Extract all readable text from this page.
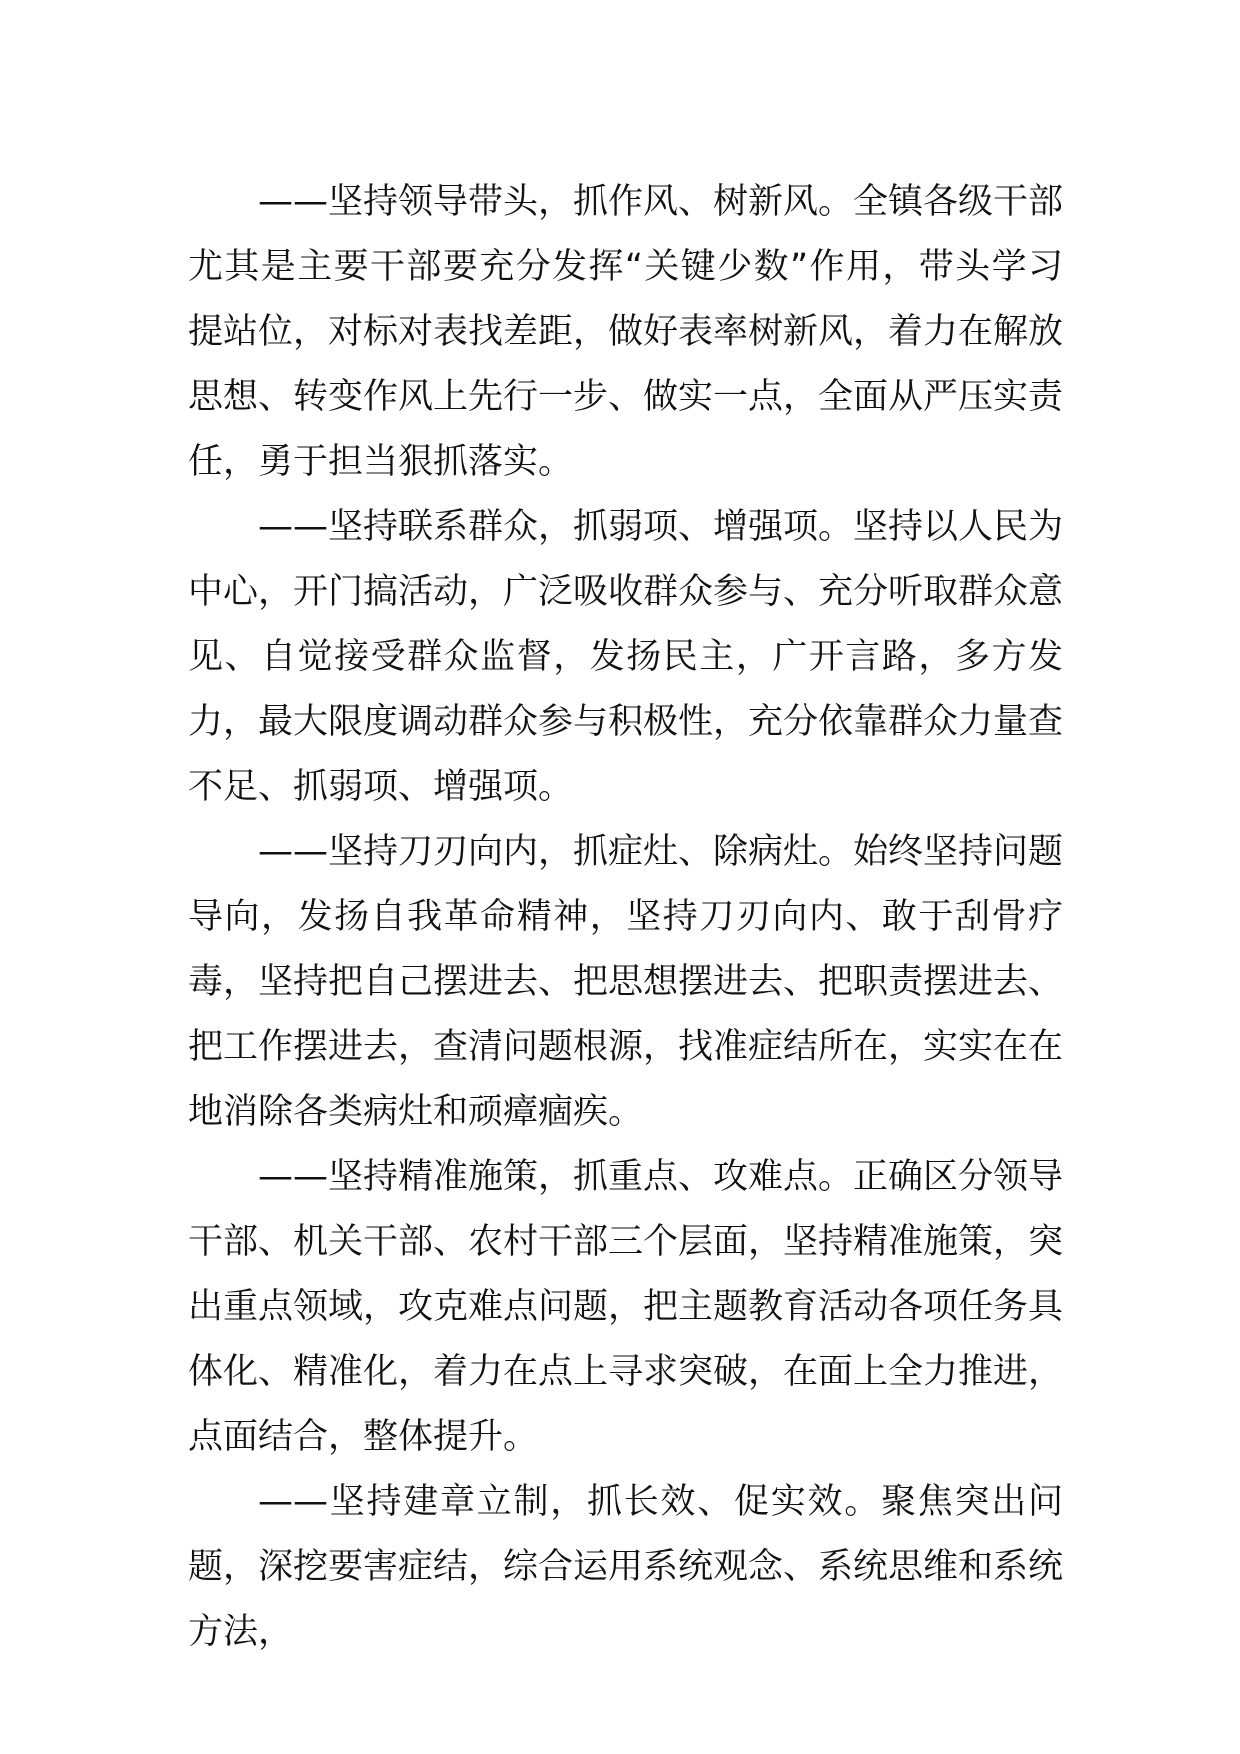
——坚持领导带头，抓作风、树新风。全镇各级干部尤其是主要干部要充分发挥“关键少数”作用，带头学习提站位，对标对表找差距，做好表率树新风，着力在解放思想、转变作风上先行一步、做实一点，全面从严压实责任，勇于担当狠抓落实。

——坚持联系群众，抓弱项、增强项。坚持以人民为中心，开门搞活动，广泛吸收群众参与、充分听取群众意见、自觉接受群众监督，发扬民主，广开言路，多方发力，最大限度调动群众参与积极性，充分依靠群众力量查不足、抓弱项、增强项。

——坚持刀刃向内，抓症灶、除病灶。始终坚持问题导向，发扬自我革命精神，坚持刀刃向内、敢于刮骨疗毒，坚持把自己摆进去、把思想摆进去、把职责摆进去、把工作摆进去，查清问题根源，找准症结所在，实实在在地消除各类病灶和顽瘴痼疾。

——坚持精准施策，抓重点、攻难点。正确区分领导干部、机关干部、农村干部三个层面，坚持精准施策，突出重点领域，攻克难点问题，把主题教育活动各项任务具体化、精准化，着力在点上寻求突破，在面上全力推进，点面结合，整体提升。

——坚持建章立制，抓长效、促实效。聚焦突出问题，深挖要害症结，综合运用系统观念、系统思维和系统方法，
